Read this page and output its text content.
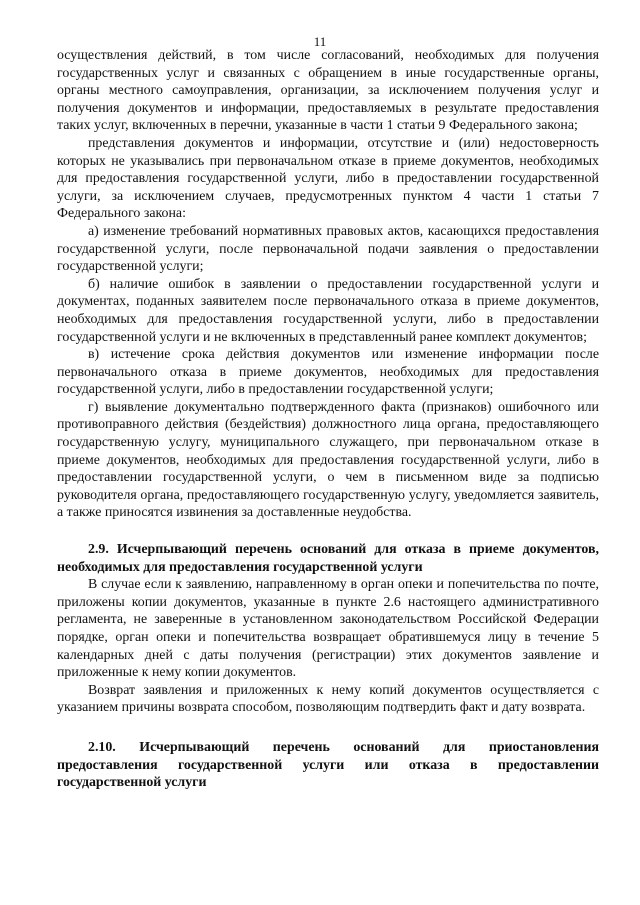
11

осуществления действий, в том числе согласований, необходимых для получения государственных услуг и связанных с обращением в иные государственные органы, органы местного самоуправления, организации, за исключением получения услуг и получения документов и информации, предоставляемых в результате предоставления таких услуг, включенных в перечни, указанные в части 1 статьи 9 Федерального закона;

представления документов и информации, отсутствие и (или) недостоверность которых не указывались при первоначальном отказе в приеме документов, необходимых для предоставления государственной услуги, либо в предоставлении государственной услуги, за исключением случаев, предусмотренных пунктом 4 части 1 статьи 7 Федерального закона:

а) изменение требований нормативных правовых актов, касающихся предоставления государственной услуги, после первоначальной подачи заявления о предоставлении государственной услуги;

б) наличие ошибок в заявлении о предоставлении государственной услуги и документах, поданных заявителем после первоначального отказа в приеме документов, необходимых для предоставления государственной услуги, либо в предоставлении государственной услуги и не включенных в представленный ранее комплект документов;

в) истечение срока действия документов или изменение информации после первоначального отказа в приеме документов, необходимых для предоставления государственной услуги, либо в предоставлении государственной услуги;

г) выявление документально подтвержденного факта (признаков) ошибочного или противоправного действия (бездействия) должностного лица органа, предоставляющего государственную услугу, муниципального служащего, при первоначальном отказе в приеме документов, необходимых для предоставления государственной услуги, либо в предоставлении государственной услуги, о чем в письменном виде за подписью руководителя органа, предоставляющего государственную услугу, уведомляется заявитель, а также приносятся извинения за доставленные неудобства.

2.9. Исчерпывающий перечень оснований для отказа в приеме документов, необходимых для предоставления государственной услуги

В случае если к заявлению, направленному в орган опеки и попечительства по почте, приложены копии документов, указанные в пункте 2.6 настоящего административного регламента, не заверенные в установленном законодательством Российской Федерации порядке, орган опеки и попечительства возвращает обратившемуся лицу в течение 5 календарных дней с даты получения (регистрации) этих документов заявление и приложенные к нему копии документов.

Возврат заявления и приложенных к нему копий документов осуществляется с указанием причины возврата способом, позволяющим подтвердить факт и дату возврата.

2.10. Исчерпывающий перечень оснований для приостановления предоставления государственной услуги или отказа в предоставлении государственной услуги
